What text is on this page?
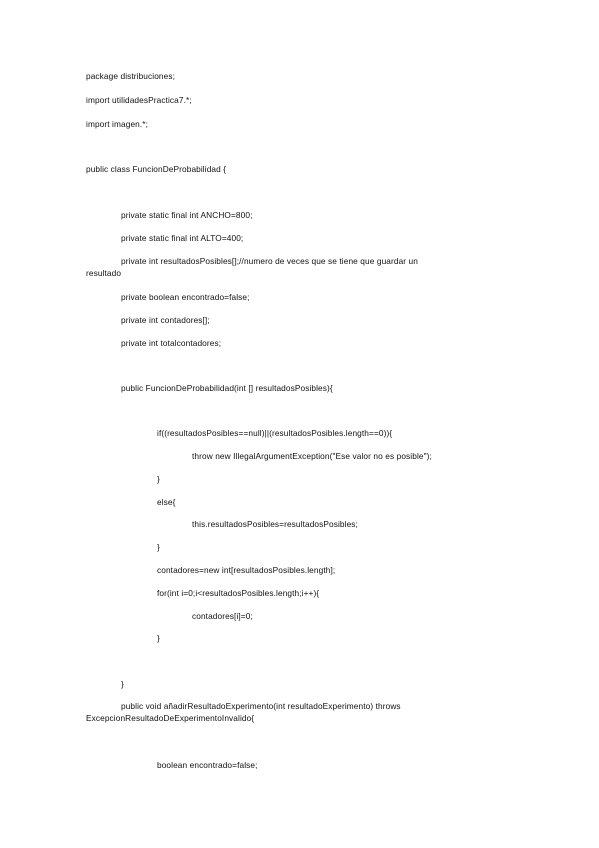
package distribuciones;
import utilidadesPractica7.*;
import imagen.*;
public class FuncionDeProbabilidad {
private static final int ANCHO=800;
private static final int ALTO=400;
private int resultadosPosibles[];//numero de veces que se tiene que guardar un
resultado
private boolean encontrado=false;
private int contadores[];
private int totalcontadores;
public FuncionDeProbabilidad(int [] resultadosPosibles){
if((resultadosPosibles==null)||(resultadosPosibles.length==0)){
throw new IllegalArgumentException("Ese valor no es posible");
}
else{
this.resultadosPosibles=resultadosPosibles;
}
contadores=new int[resultadosPosibles.length];
for(int i=0;i<resultadosPosibles.length;i++){
contadores[i]=0;
}
}
public void añadirResultadoExperimento(int resultadoExperimento) throws
ExcepcionResultadoDeExperimentoInvalido{
boolean encontrado=false;
